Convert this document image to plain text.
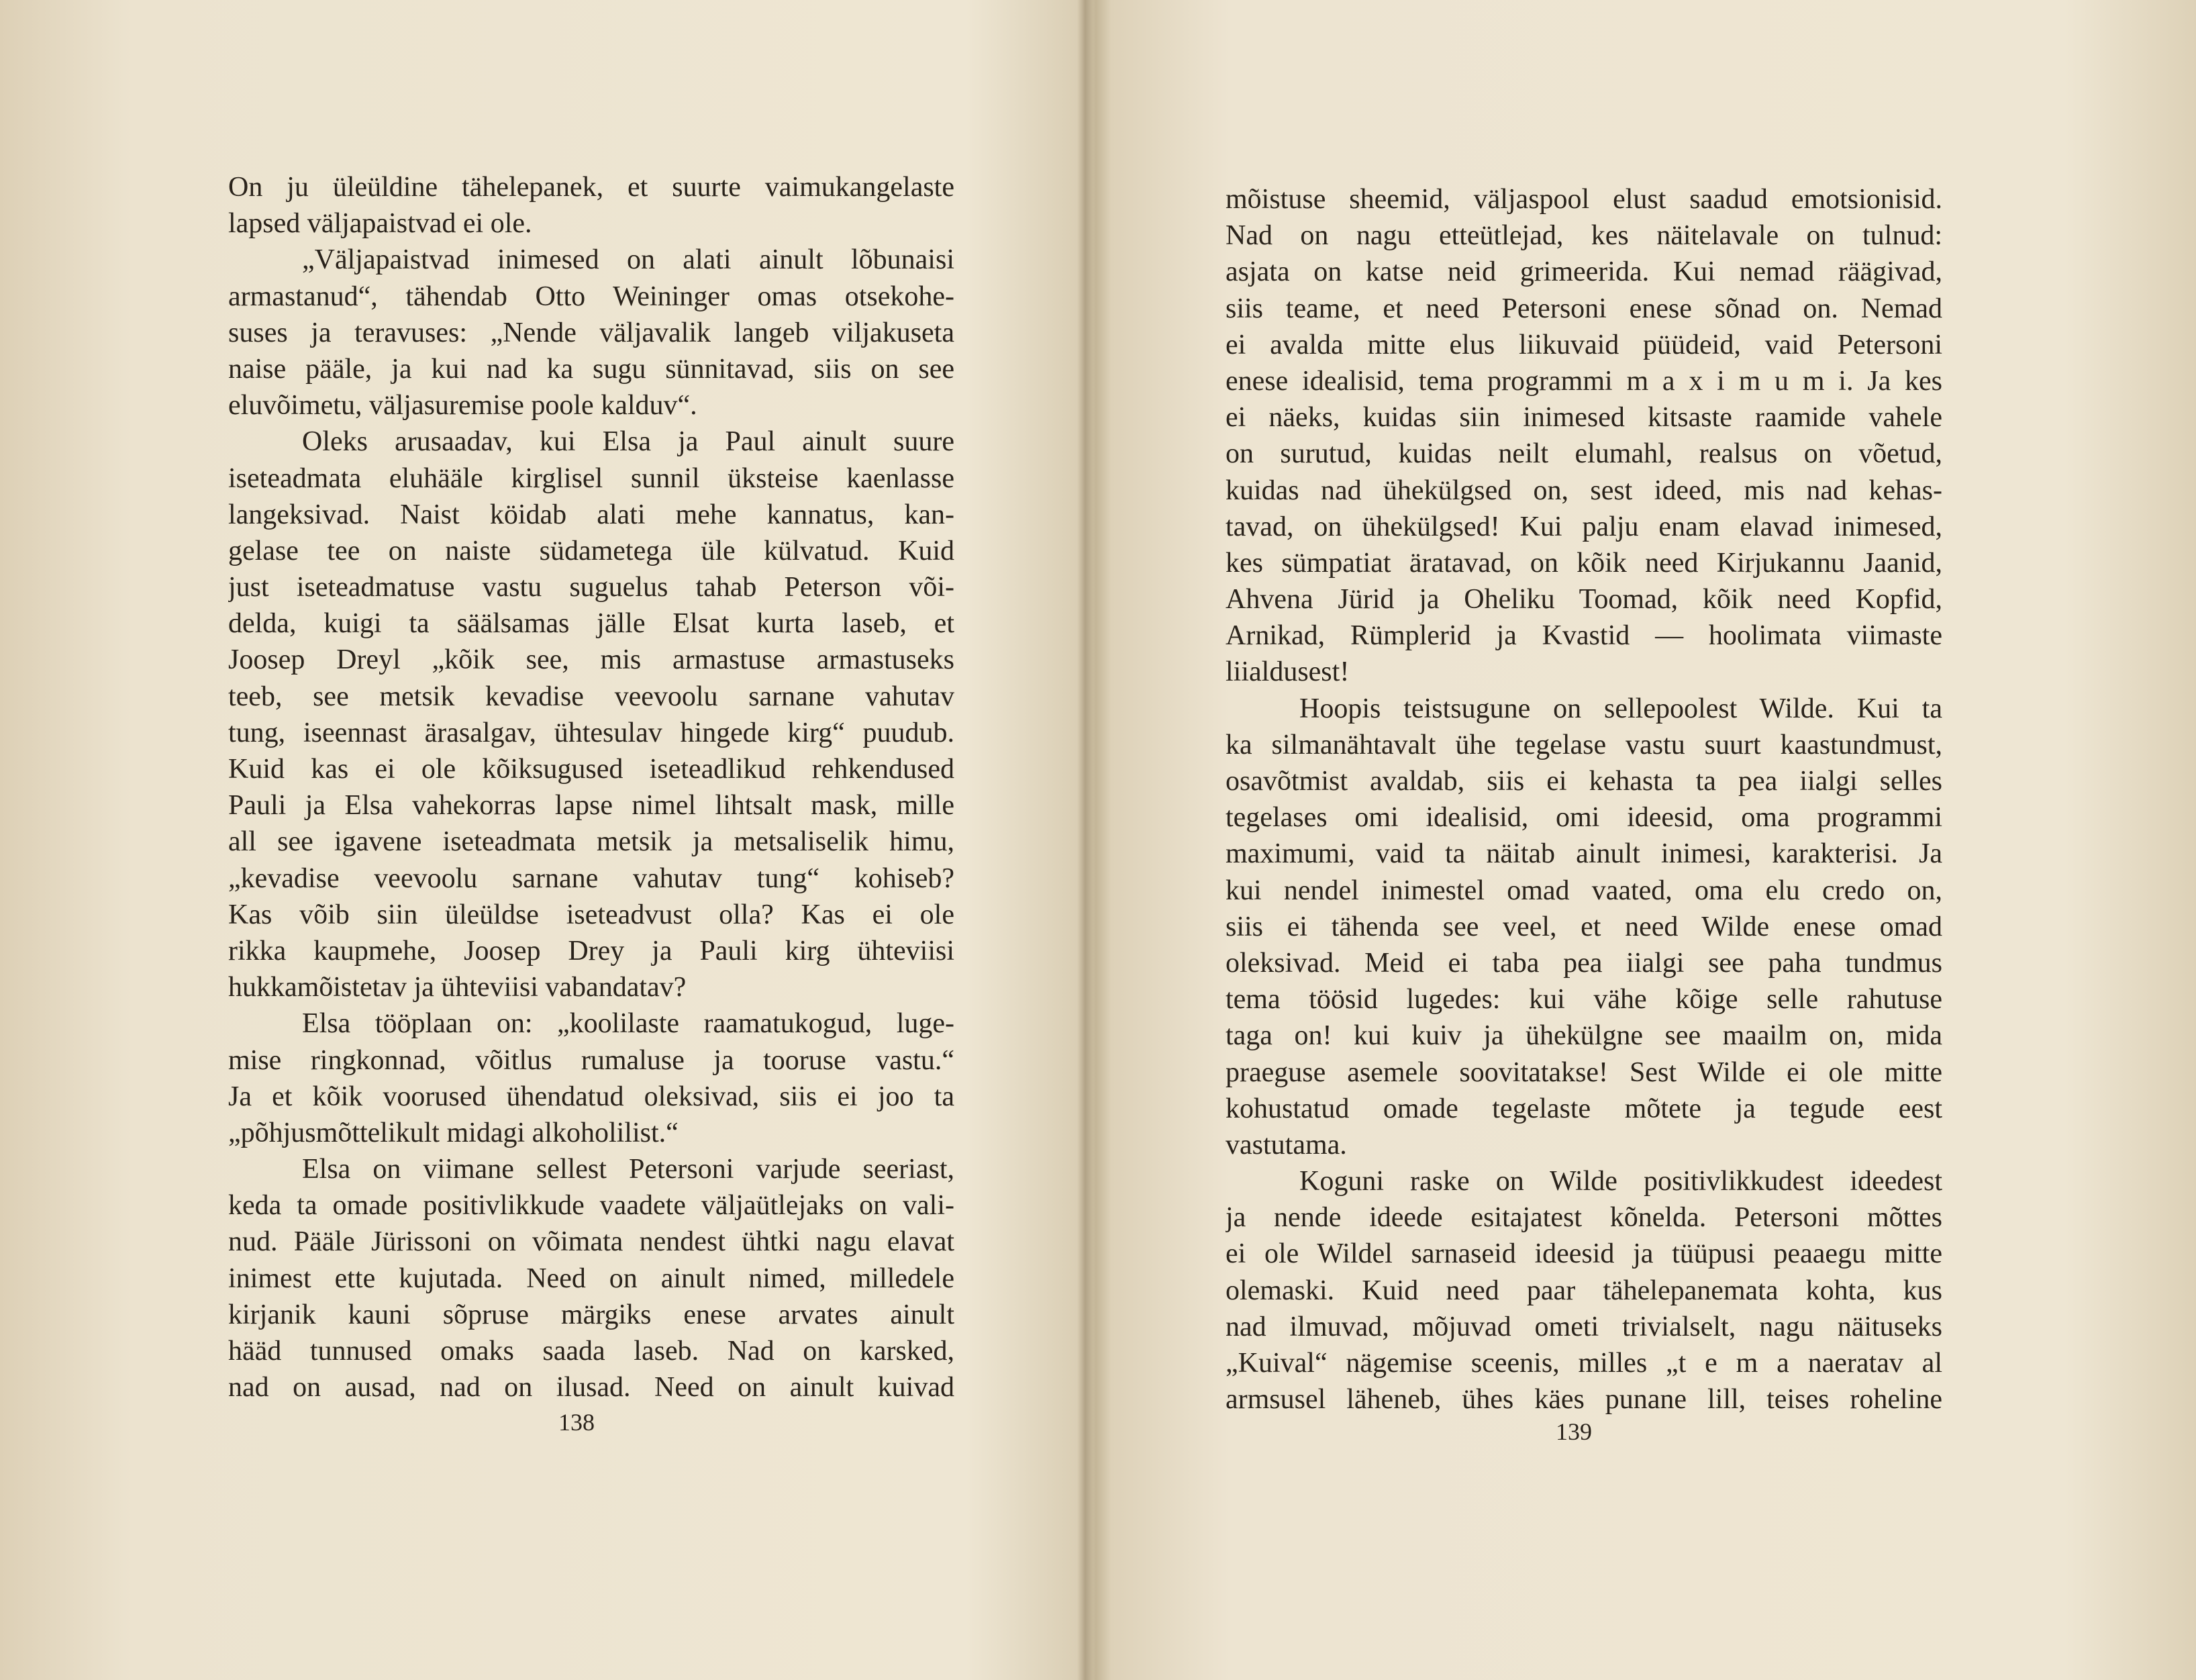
On ju üleüldine tähelepanek, et suurte vaimukangelaste
lapsed väljapaistvad ei ole.
„Väljapaistvad inimesed on alati ainult lõbunaisi
armastanud“, tähendab Otto Weininger omas otsekohe-
suses ja teravuses: „Nende väljavalik langeb viljakuseta
naise pääle, ja kui nad ka sugu sünnitavad, siis on see
eluvõimetu, väljasuremise poole kalduv“.
Oleks arusaadav, kui Elsa ja Paul ainult suure
iseteadmata eluhääle kirglisel sunnil üksteise kaenlasse
langeksivad. Naist köidab alati mehe kannatus, kan-
gelase tee on naiste südametega üle külvatud. Kuid
just iseteadmatuse vastu suguelus tahab Peterson või-
delda, kuigi ta säälsamas jälle Elsat kurta laseb, et
Joosep Dreyl „kõik see, mis armastuse armastuseks
teeb, see metsik kevadise veevoolu sarnane vahutav
tung, iseennast ärasalgav, ühtesulav hingede kirg“ puudub.
Kuid kas ei ole kõiksugused iseteadlikud rehkendused
Pauli ja Elsa vahekorras lapse nimel lihtsalt mask, mille
all see igavene iseteadmata metsik ja metsaliselik himu,
„kevadise veevoolu sarnane vahutav tung“ kohiseb?
Kas võib siin üleüldse iseteadvust olla? Kas ei ole
rikka kaupmehe, Joosep Drey ja Pauli kirg ühteviisi
hukkamõistetav ja ühteviisi vabandatav?
Elsa tööplaan on: „koolilaste raamatukogud, luge-
mise ringkonnad, võitlus rumaluse ja tooruse vastu.“
Ja et kõik voorused ühendatud oleksivad, siis ei joo ta
„põhjusmõttelikult midagi alkoholilist.“
Elsa on viimane sellest Petersoni varjude seeriast,
keda ta omade positivlikkude vaadete väljaütlejaks on vali-
nud. Pääle Jürissoni on võimata nendest ühtki nagu elavat
inimest ette kujutada. Need on ainult nimed, milledele
kirjanik kauni sõpruse märgiks enese arvates ainult
hääd tunnused omaks saada laseb. Nad on karsked,
nad on ausad, nad on ilusad. Need on ainult kuivad
138
mõistuse sheemid, väljaspool elust saadud emotsionisid.
Nad on nagu etteütlejad, kes näitelavale on tulnud:
asjata on katse neid grimeerida. Kui nemad räägivad,
siis teame, et need Petersoni enese sõnad on. Nemad
ei avalda mitte elus liikuvaid püüdeid, vaid Petersoni
enese idealisid, tema programmi m a x i m u m i. Ja kes
ei näeks, kuidas siin inimesed kitsaste raamide vahele
on surutud, kuidas neilt elumahl, realsus on võetud,
kuidas nad ühekülgsed on, sest ideed, mis nad kehas-
tavad, on ühekülgsed! Kui palju enam elavad inimesed,
kes sümpatiat äratavad, on kõik need Kirjukannu Jaanid,
Ahvena Jürid ja Oheliku Toomad, kõik need Kopfid,
Arnikad, Rümplerid ja Kvastid — hoolimata viimaste
liialdusest!
Hoopis teistsugune on sellepoolest Wilde. Kui ta
ka silmanähtavalt ühe tegelase vastu suurt kaastundmust,
osavõtmist avaldab, siis ei kehasta ta pea iialgi selles
tegelases omi idealisid, omi ideesid, oma programmi
maximumi, vaid ta näitab ainult inimesi, karakterisi. Ja
kui nendel inimestel omad vaated, oma elu credo on,
siis ei tähenda see veel, et need Wilde enese omad
oleksivad. Meid ei taba pea iialgi see paha tundmus
tema töösid lugedes: kui vähe kõige selle rahutuse
taga on! kui kuiv ja ühekülgne see maailm on, mida
praeguse asemele soovitatakse! Sest Wilde ei ole mitte
kohustatud omade tegelaste mõtete ja tegude eest
vastutama.
Koguni raske on Wilde positivlikkudest ideedest
ja nende ideede esitajatest kõnelda. Petersoni mõttes
ei ole Wildel sarnaseid ideesid ja tüüpusi peaaegu mitte
olemaski. Kuid need paar tähelepanemata kohta, kus
nad ilmuvad, mõjuvad ometi trivialselt, nagu näituseks
„Kuival“ nägemise sceenis, milles „t e m a naeratav al
armsusel läheneb, ühes käes punane lill, teises roheline
139
